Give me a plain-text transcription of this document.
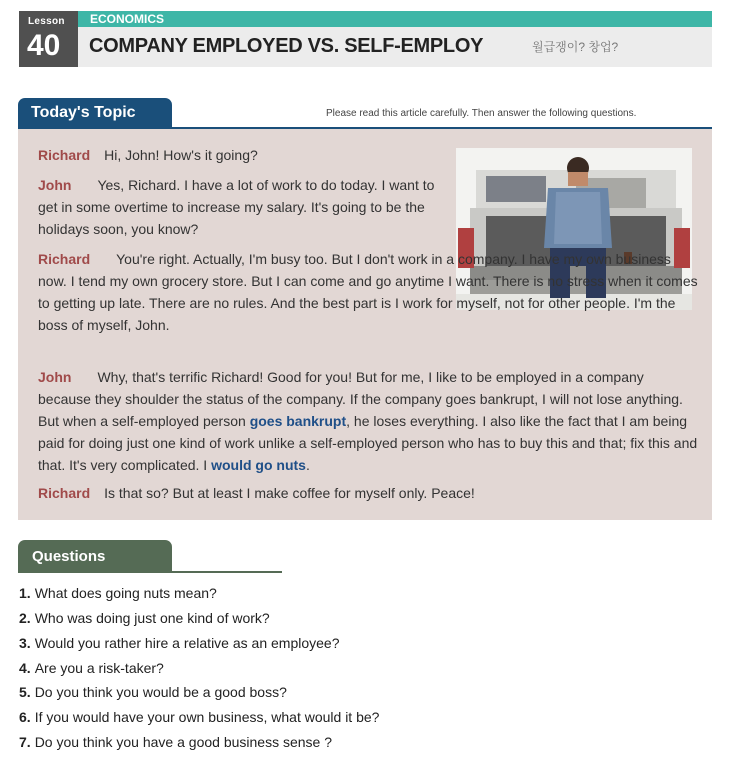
Lesson
40
ECONOMICS
COMPANY EMPLOYED VS. SELF-EMPLOY	월급쟁이? 창업?
Today's Topic	Please read this article carefully. Then answer the following questions.
Richard Hi, John! How's it going?
John Yes, Richard. I have a lot of work to do today. I want to get in some overtime to increase my salary. It's going to be the holidays soon, you know?
Richard You're right. Actually, I'm busy too. But I don't work in a company. I have my own business now. I tend my own grocery store. But I can come and go anytime I want. There is no stress when it comes to getting up late. There are no rules. And the best part is I work for myself, not for other people. I'm the boss of myself, John.
John Why, that's terrific Richard! Good for you! But for me, I like to be employed in a company because they shoulder the status of the company. If the company goes bankrupt, I will not lose anything. But when a self-employed person goes bankrupt, he loses everything. I also like the fact that I am being paid for doing just one kind of work unlike a self-employed person who has to buy this and that; fix this and that. It's very complicated. I would go nuts.
Richard Is that so? But at least I make coffee for myself only. Peace!
Questions
1. What does going nuts mean?
2. Who was doing just one kind of work?
3. Would you rather hire a relative as an employee?
4. Are you a risk-taker?
5. Do you think you would be a good boss?
6. If you would have your own business, what would it be?
7. Do you think you have a good business sense ?
